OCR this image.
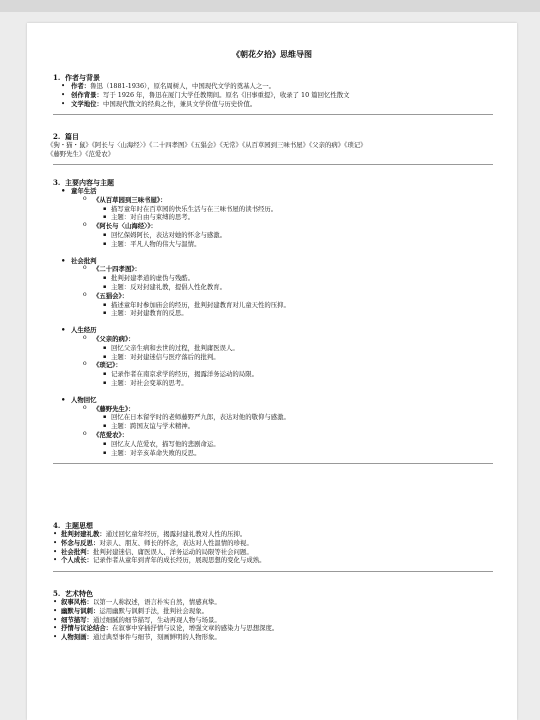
《朝花夕拾》思维导图
1. 作者与背景
• 作者：鲁迅（1881-1936），原名周树人，中国现代文学的奠基人之一。
• 创作背景：写于 1926 年，鲁迅在厦门大学任教期间。原名《旧事重提》，收录了 10 篇回忆性散文
• 文学地位：中国现代散文的经典之作，兼具文学价值与历史价值。
2. 篇目
《狗・猫・鼠》《阿长与〈山海经〉》《二十四孝图》《五猖会》《无常》《从百草园到三味书屋》《父亲的病》《琐记》
《藤野先生》《范爱农》
3. 主要内容与主题
• 童年生活
o 《从百草园到三味书屋》：
▪ 描写童年时在百草园的快乐生活与在三味书屋的读书经历。
▪ 主题：对自由与束缚的思考。
o 《阿长与〈山海经〉》：
▪ 回忆保姆阿长，表达对她的怀念与感激。
▪ 主题：平凡人物的伟大与温情。
• 社会批判
o 《二十四孝图》：
▪ 批判封建孝道的虚伪与残酷。
▪ 主题：反对封建礼教，提倡人性化教育。
o 《五猖会》：
▪ 描述童年时参加庙会的经历，批判封建教育对儿童天性的压抑。
▪ 主题：对封建教育的反思。
• 人生经历
o 《父亲的病》：
▪ 回忆父亲生病和去世的过程，批判庸医误人。
▪ 主题：对封建迷信与医疗落后的批判。
o 《琐记》：
▪ 记录作者在南京求学的经历，揭露洋务运动的局限。
▪ 主题：对社会变革的思考。
• 人物回忆
o 《藤野先生》：
▪ 回忆在日本留学时的老师藤野严九郎，表达对他的敬仰与感激。
▪ 主题：跨国友谊与学术精神。
o 《范爱农》：
▪ 回忆友人范爱农，描写他的悲剧命运。
▪ 主题：对辛亥革命失败的反思。
4. 主题思想
• 批判封建礼教：通过回忆童年经历，揭露封建礼教对人性的压抑。
• 怀念与反思：对亲人、朋友、师长的怀念，表达对人性温情的珍视。
• 社会批判：批判封建迷信、庸医误人、洋务运动的局限等社会问题。
• 个人成长：记录作者从童年到青年的成长经历，展现思想的变化与成熟。
5. 艺术特色
• 叙事风格：以第一人称叙述，语言朴实自然，情感真挚。
• 幽默与讽刺：运用幽默与讽刺手法，批判社会现象。
• 细节描写：通过细腻的细节描写，生动再现人物与场景。
• 抒情与议论结合：在叙事中穿插抒情与议论，增强文章的感染力与思想深度。
• 人物刻画：通过典型事件与细节，刻画鲜明的人物形象。
